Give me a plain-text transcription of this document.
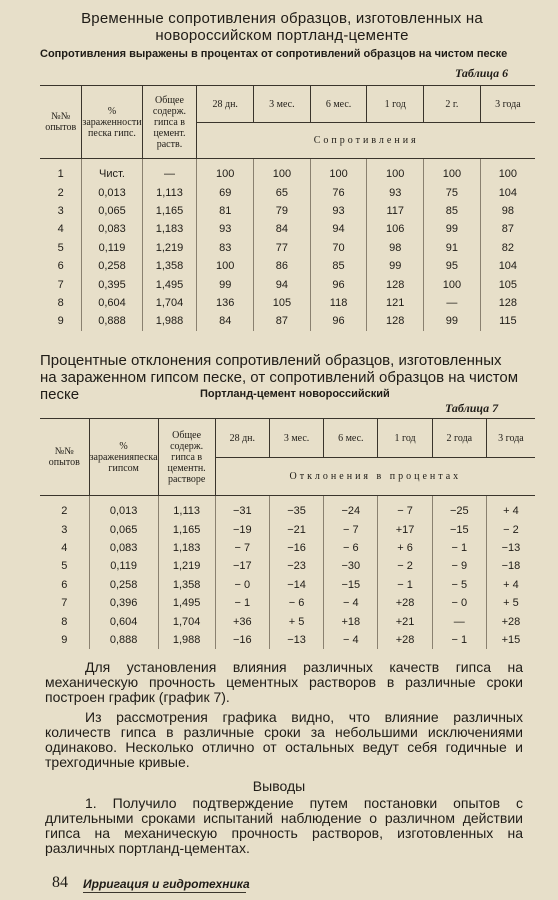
Временные сопротивления образцов, изготовленных на новороссийском портланд-цементе
Сопротивления выражены в процентах от сопротивлений образцов на чистом песке
Таблица 6
№№ опытов	% зараженности песка гипс.	Общее содерж. гипса в цемент. раств.	28 дн.	3 мес.	6 мес.	1 год	2 г.	3 года
			Сопротивления					
1	Чист.	—	100	100	100	100	100	100
2	0,013	1,113	69	65	76	93	75	104
3	0,065	1,165	81	79	93	117	85	98
4	0,083	1,183	93	84	94	106	99	87
5	0,119	1,219	83	77	70	98	91	82
6	0,258	1,358	100	86	85	99	95	104
7	0,395	1,495	99	94	96	128	100	105
8	0,604	1,704	136	105	118	121	—	128
9	0,888	1,988	84	87	96	128	99	115
Процентные отклонения сопротивлений образцов, изготовленных на зараженном гипсом песке, от сопротивлений образцов на чистом песке	Портланд-цемент новороссийский
Таблица 7
№№ опытов	% зараженияпеска гипсом	Общее содерж. гипса в цементн. растворе	28 дн.	3 мес.	6 мес.	1 год	2 года	3 года
			Отклонения в процентах					
2	0,013	1,113	−31	−35	−24	− 7	−25	+ 4
3	0,065	1,165	−19	−21	− 7	+17	−15	− 2
4	0,083	1,183	− 7	−16	− 6	+ 6	− 1	−13
5	0,119	1,219	−17	−23	−30	− 2	− 9	−18
6	0,258	1,358	− 0	−14	−15	− 1	− 5	+ 4
7	0,396	1,495	− 1	− 6	− 4	+28	− 0	+ 5
8	0,604	1,704	+36	+ 5	+18	+21	—	+28
9	0,888	1,988	−16	−13	− 4	+28	− 1	+15
Для установления влияния различных качеств гипса на механическую прочность цементных растворов в различные сроки построен график (график 7).
Из рассмотрения графика видно, что влияние различных количеств гипса в различные сроки за небольшими исключениями одинаково. Несколько отлично от остальных ведут себя годичные и трехгодичные кривые.
Выводы
1. Получило подтверждение путем постановки опытов с длительными сроками испытаний наблюдение о различном действии гипса на механическую прочность растворов, изготовленных на различных портланд-цементах.
84 Ирригация и гидротехника
